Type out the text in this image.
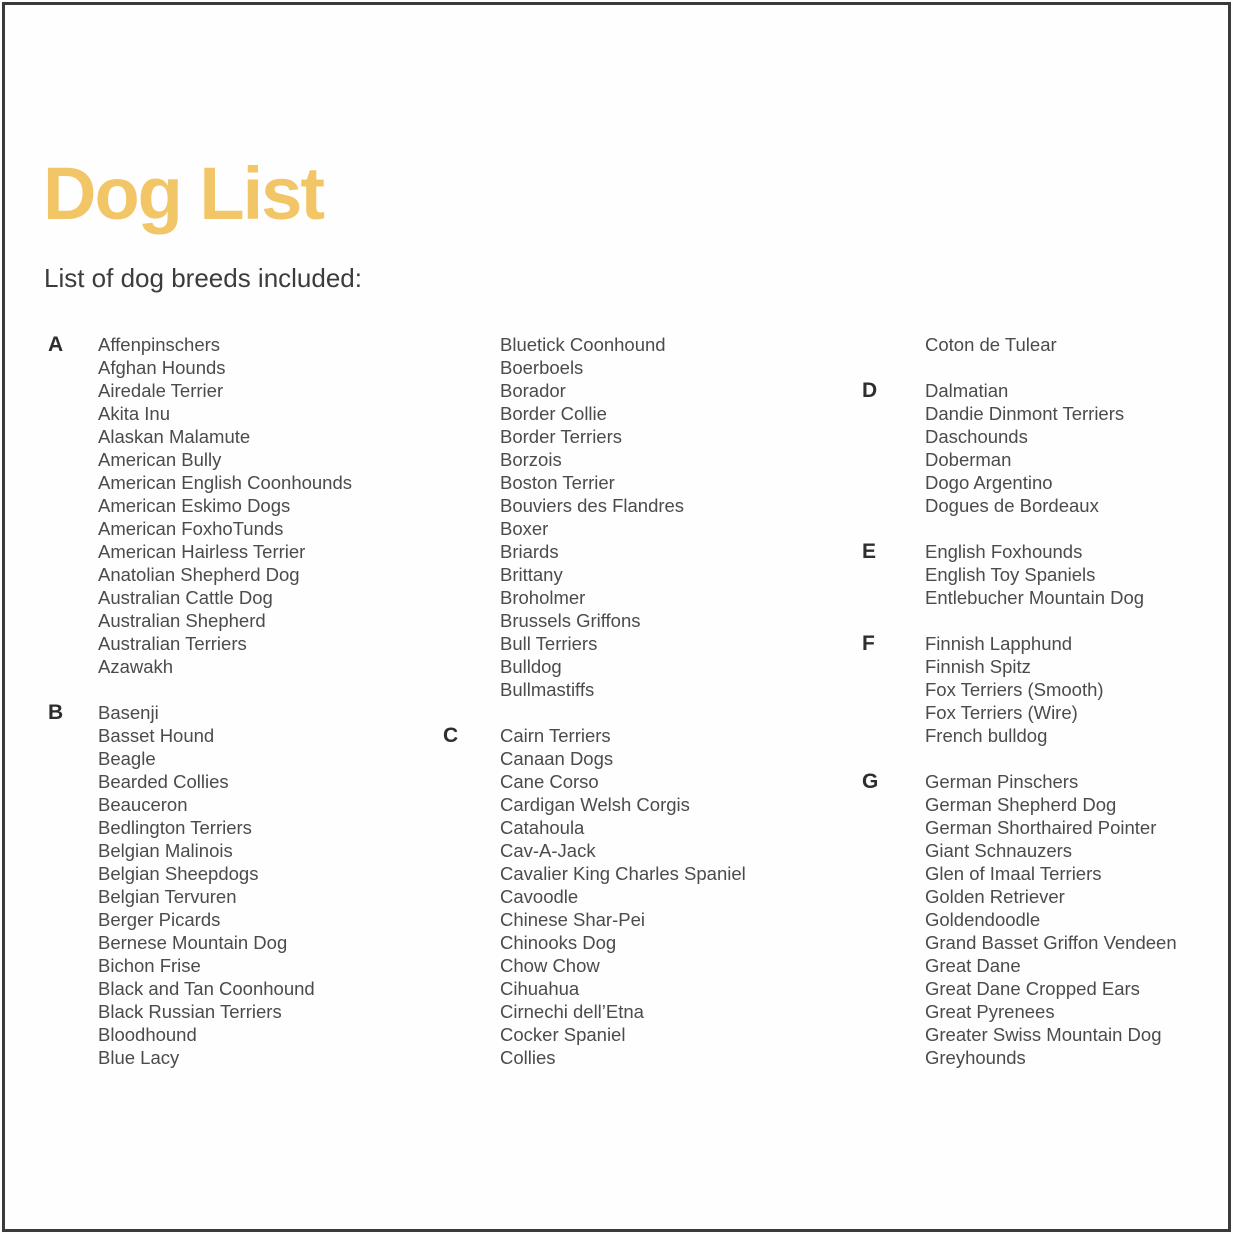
Dog List

List of dog breeds included:

A	Affenpinschers
Afghan Hounds
Airedale Terrier
Akita Inu
Alaskan Malamute
American Bully
American English Coonhounds
American Eskimo Dogs
American FoxhoTunds
American Hairless Terrier
Anatolian Shepherd Dog
Australian Cattle Dog
Australian Shepherd
Australian Terriers
Azawakh
B	Basenji
Basset Hound
Beagle
Bearded Collies
Beauceron
Bedlington Terriers
Belgian Malinois
Belgian Sheepdogs
Belgian Tervuren
Berger Picards
Bernese Mountain Dog
Bichon Frise
Black and Tan Coonhound
Black Russian Terriers
Bloodhound
Blue Lacy
Bluetick Coonhound
Boerboels
Borador
Border Collie
Border Terriers
Borzois
Boston Terrier
Bouviers des Flandres
Boxer
Briards
Brittany
Broholmer
Brussels Griffons
Bull Terriers
Bulldog
Bullmastiffs
C	Cairn Terriers
Canaan Dogs
Cane Corso
Cardigan Welsh Corgis
Catahoula
Cav-A-Jack
Cavalier King Charles Spaniel
Cavoodle
Chinese Shar-Pei
Chinooks Dog
Chow Chow
Cihuahua
Cirnechi dell’Etna
Cocker Spaniel
Collies
Coton de Tulear
D	Dalmatian
Dandie Dinmont Terriers
Daschounds
Doberman
Dogo Argentino
Dogues de Bordeaux
E	English Foxhounds
English Toy Spaniels
Entlebucher Mountain Dog
F	Finnish Lapphund
Finnish Spitz
Fox Terriers (Smooth)
Fox Terriers (Wire)
French bulldog
G	German Pinschers
German Shepherd Dog
German Shorthaired Pointer
Giant Schnauzers
Glen of Imaal Terriers
Golden Retriever
Goldendoodle
Grand Basset Griffon Vendeen
Great Dane
Great Dane Cropped Ears
Great Pyrenees
Greater Swiss Mountain Dog
Greyhounds
